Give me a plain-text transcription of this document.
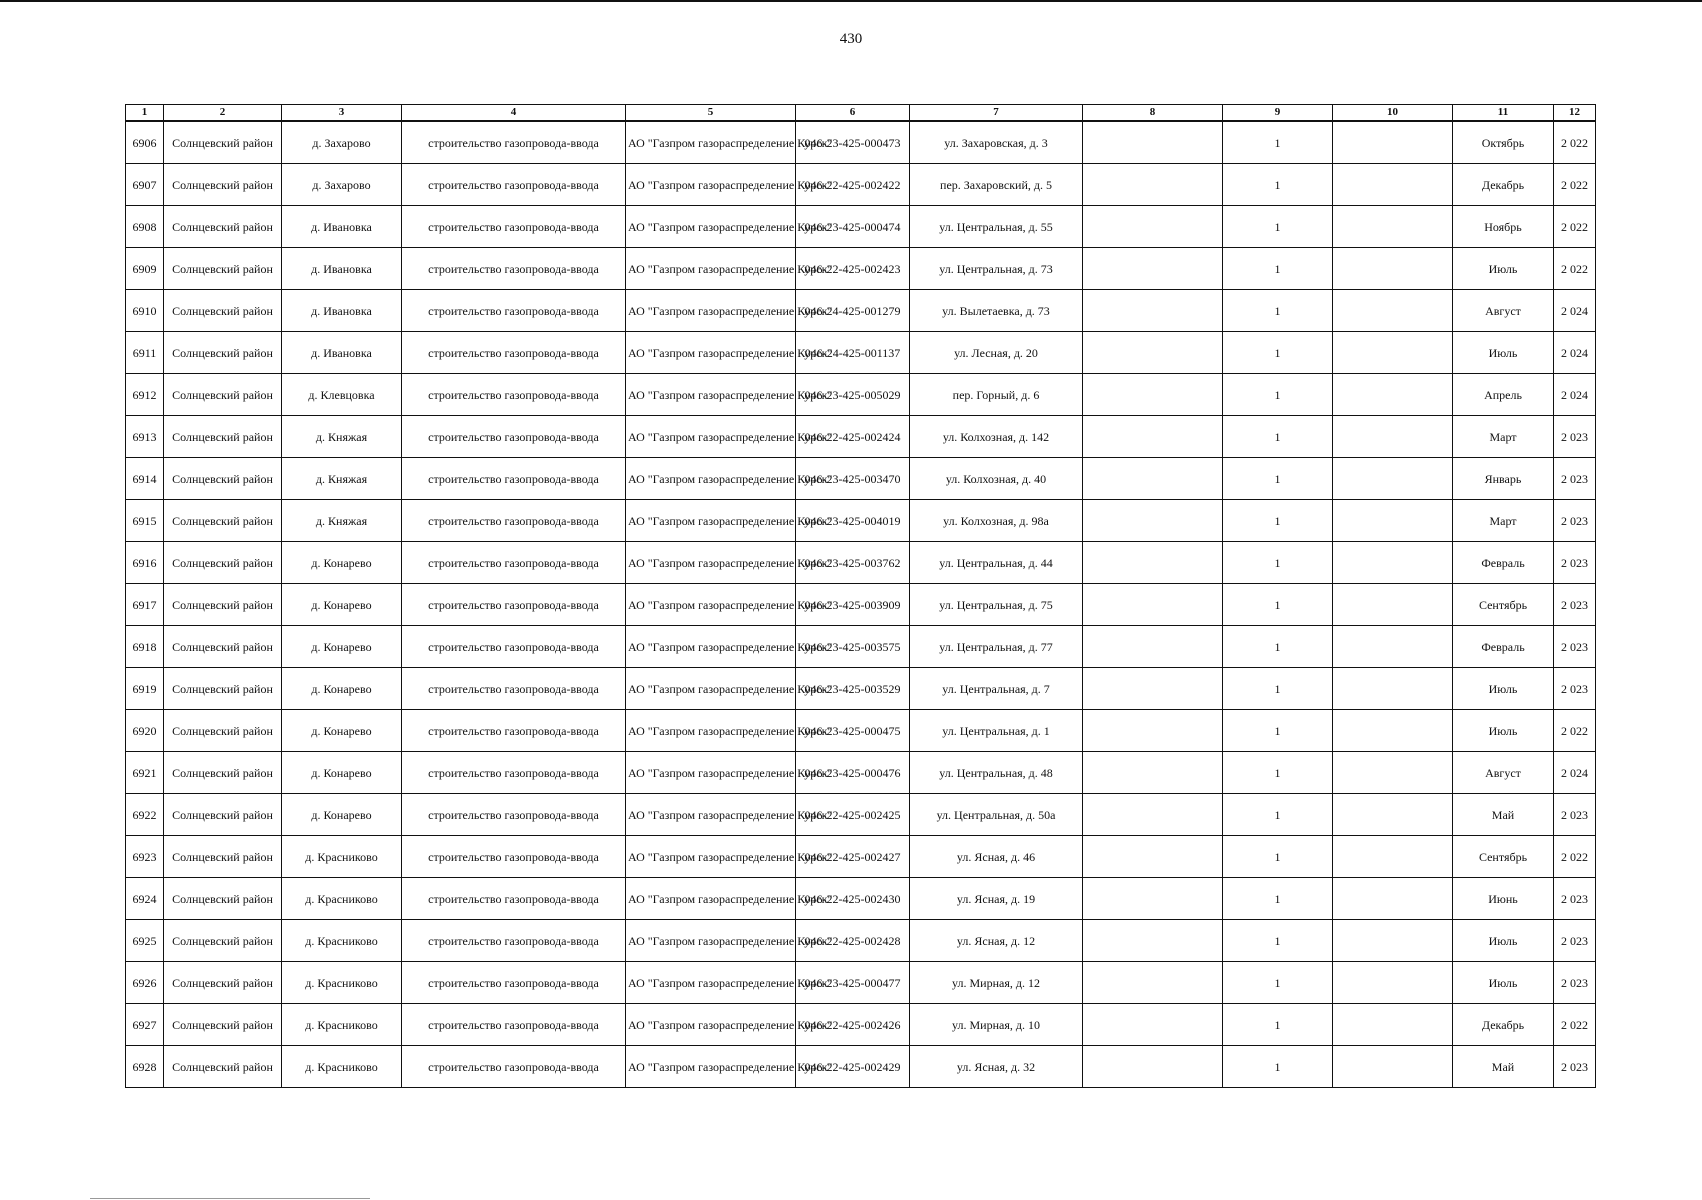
430
1	2	3	4	5	6	7	8	9	10	11	12
6906	Солнцевский район	д. Захарово	строительство газопровода-ввода	АО "Газпром газораспределение Курск"	046-23-425-000473	ул. Захаровская, д. 3		1		Октябрь	2 022
6907	Солнцевский район	д. Захарово	строительство газопровода-ввода	АО "Газпром газораспределение Курск"	046-22-425-002422	пер. Захаровский, д. 5		1		Декабрь	2 022
6908	Солнцевский район	д. Ивановка	строительство газопровода-ввода	АО "Газпром газораспределение Курск"	046-23-425-000474	ул. Центральная, д. 55		1		Ноябрь	2 022
6909	Солнцевский район	д. Ивановка	строительство газопровода-ввода	АО "Газпром газораспределение Курск"	046-22-425-002423	ул. Центральная, д. 73		1		Июль	2 022
6910	Солнцевский район	д. Ивановка	строительство газопровода-ввода	АО "Газпром газораспределение Курск"	046-24-425-001279	ул. Вылетаевка, д. 73		1		Август	2 024
6911	Солнцевский район	д. Ивановка	строительство газопровода-ввода	АО "Газпром газораспределение Курск"	046-24-425-001137	ул. Лесная, д. 20		1		Июль	2 024
6912	Солнцевский район	д. Клевцовка	строительство газопровода-ввода	АО "Газпром газораспределение Курск"	046-23-425-005029	пер. Горный, д. 6		1		Апрель	2 024
6913	Солнцевский район	д. Княжая	строительство газопровода-ввода	АО "Газпром газораспределение Курск"	046-22-425-002424	ул. Колхозная, д. 142		1		Март	2 023
6914	Солнцевский район	д. Княжая	строительство газопровода-ввода	АО "Газпром газораспределение Курск"	046-23-425-003470	ул. Колхозная, д. 40		1		Январь	2 023
6915	Солнцевский район	д. Княжая	строительство газопровода-ввода	АО "Газпром газораспределение Курск"	046-23-425-004019	ул. Колхозная, д. 98а		1		Март	2 023
6916	Солнцевский район	д. Конарево	строительство газопровода-ввода	АО "Газпром газораспределение Курск"	046-23-425-003762	ул. Центральная, д. 44		1		Февраль	2 023
6917	Солнцевский район	д. Конарево	строительство газопровода-ввода	АО "Газпром газораспределение Курск"	046-23-425-003909	ул. Центральная, д. 75		1		Сентябрь	2 023
6918	Солнцевский район	д. Конарево	строительство газопровода-ввода	АО "Газпром газораспределение Курск"	046-23-425-003575	ул. Центральная, д. 77		1		Февраль	2 023
6919	Солнцевский район	д. Конарево	строительство газопровода-ввода	АО "Газпром газораспределение Курск"	046-23-425-003529	ул. Центральная, д. 7		1		Июль	2 023
6920	Солнцевский район	д. Конарево	строительство газопровода-ввода	АО "Газпром газораспределение Курск"	046-23-425-000475	ул. Центральная, д. 1		1		Июль	2 022
6921	Солнцевский район	д. Конарево	строительство газопровода-ввода	АО "Газпром газораспределение Курск"	046-23-425-000476	ул. Центральная, д. 48		1		Август	2 024
6922	Солнцевский район	д. Конарево	строительство газопровода-ввода	АО "Газпром газораспределение Курск"	046-22-425-002425	ул. Центральная, д. 50а		1		Май	2 023
6923	Солнцевский район	д. Красниково	строительство газопровода-ввода	АО "Газпром газораспределение Курск"	046-22-425-002427	ул. Ясная, д. 46		1		Сентябрь	2 022
6924	Солнцевский район	д. Красниково	строительство газопровода-ввода	АО "Газпром газораспределение Курск"	046-22-425-002430	ул. Ясная, д. 19		1		Июнь	2 023
6925	Солнцевский район	д. Красниково	строительство газопровода-ввода	АО "Газпром газораспределение Курск"	046-22-425-002428	ул. Ясная, д. 12		1		Июль	2 023
6926	Солнцевский район	д. Красниково	строительство газопровода-ввода	АО "Газпром газораспределение Курск"	046-23-425-000477	ул. Мирная, д. 12		1		Июль	2 023
6927	Солнцевский район	д. Красниково	строительство газопровода-ввода	АО "Газпром газораспределение Курск"	046-22-425-002426	ул. Мирная, д. 10		1		Декабрь	2 022
6928	Солнцевский район	д. Красниково	строительство газопровода-ввода	АО "Газпром газораспределение Курск"	046-22-425-002429	ул. Ясная, д. 32		1		Май	2 023
